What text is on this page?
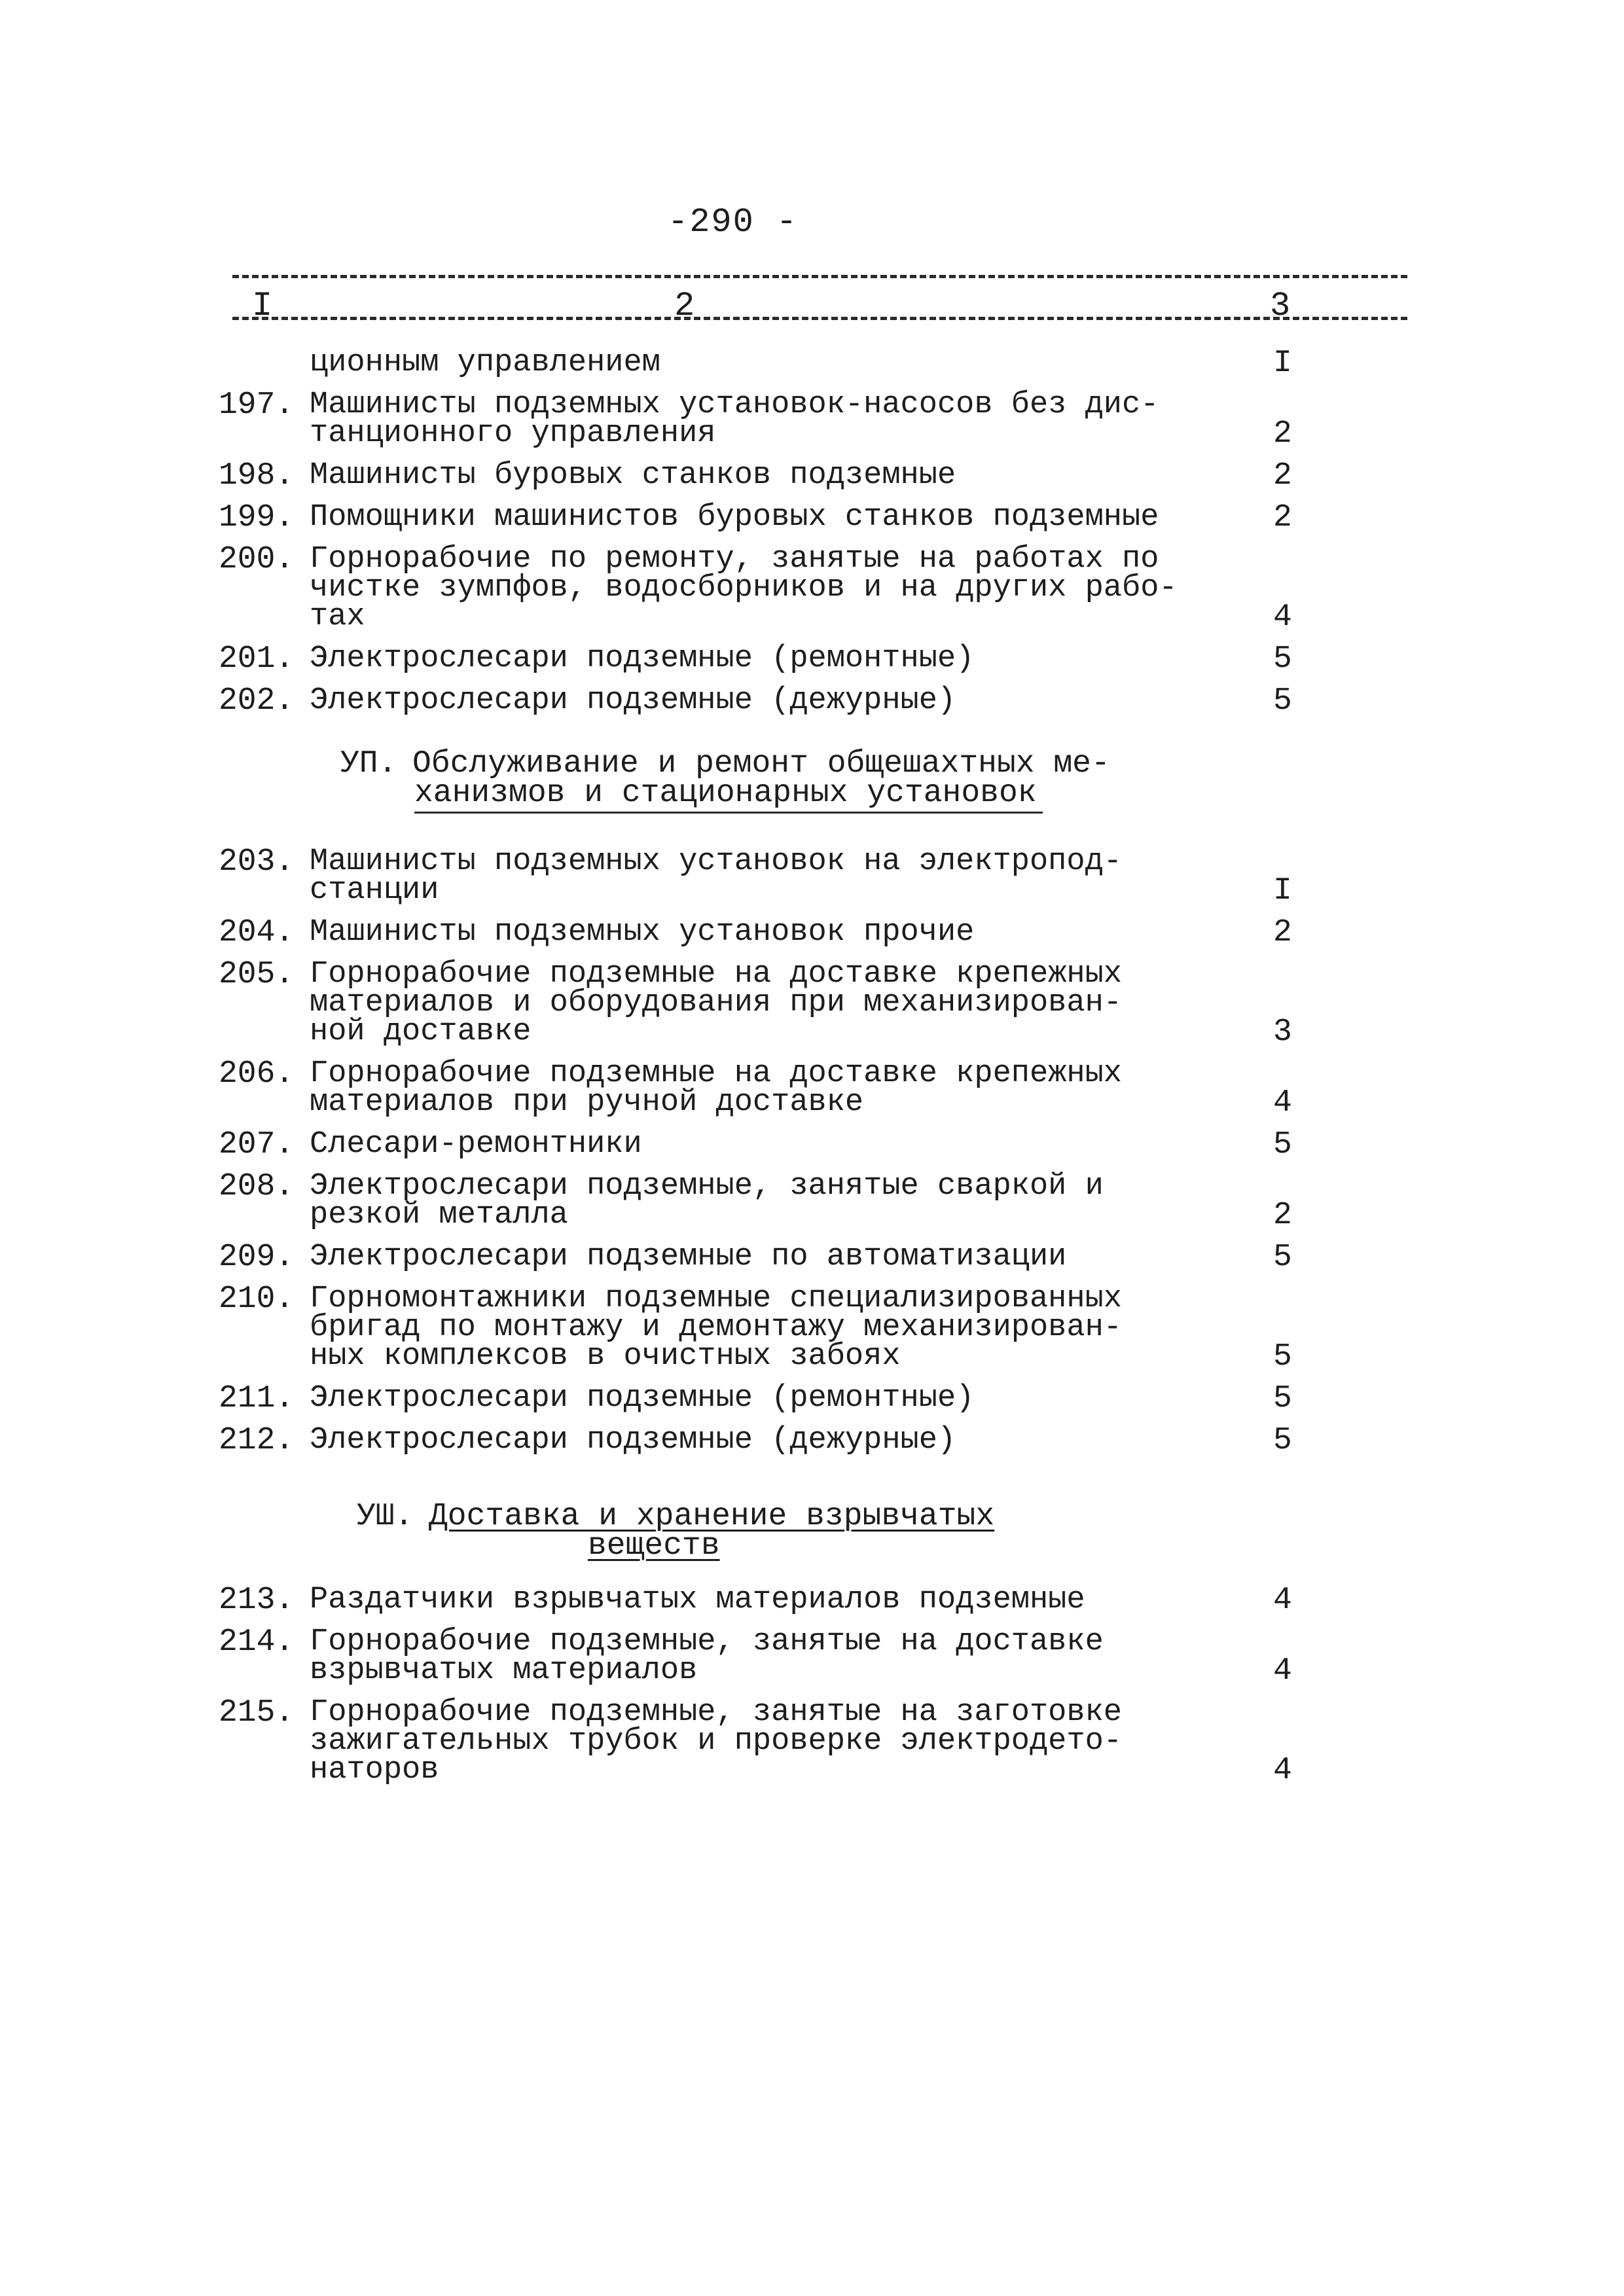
-290 -
I	2	3
ционным управлением	I
197. Машинисты подземных установок-насосов без дис-
танционного управления	2
198. Машинисты буровых станков подземные	2
199. Помощники машинистов буровых станков подземные	2
200. Горнорабочие по ремонту, занятые на работах по
чистке зумпфов, водосборников и на других рабо-
тах	4
201. Электрослесари подземные (ремонтные)	5
202. Электрослесари подземные (дежурные)	5
УП. Обслуживание и ремонт общешахтных ме-
ханизмов и стационарных установок
203. Машинисты подземных установок на электропод-
станции	I
204. Машинисты подземных установок прочие	2
205. Горнорабочие подземные на доставке крепежных
материалов и оборудования при механизирован-
ной доставке	3
206. Горнорабочие подземные на доставке крепежных
материалов при ручной доставке	4
207. Слесари-ремонтники	5
208. Электрослесари подземные, занятые сваркой и
резкой металла	2
209. Электрослесари подземные по автоматизации	5
210. Горномонтажники подземные специализированных
бригад по монтажу и демонтажу механизирован-
ных комплексов в очистных забоях	5
211. Электрослесари подземные (ремонтные)	5
212. Электрослесари подземные (дежурные)	5
УШ. Доставка и хранение взрывчатых
веществ
213. Раздатчики взрывчатых материалов подземные	4
214. Горнорабочие подземные, занятые на доставке
взрывчатых материалов	4
215. Горнорабочие подземные, занятые на заготовке
зажигательных трубок и проверке электродето-
наторов	4
